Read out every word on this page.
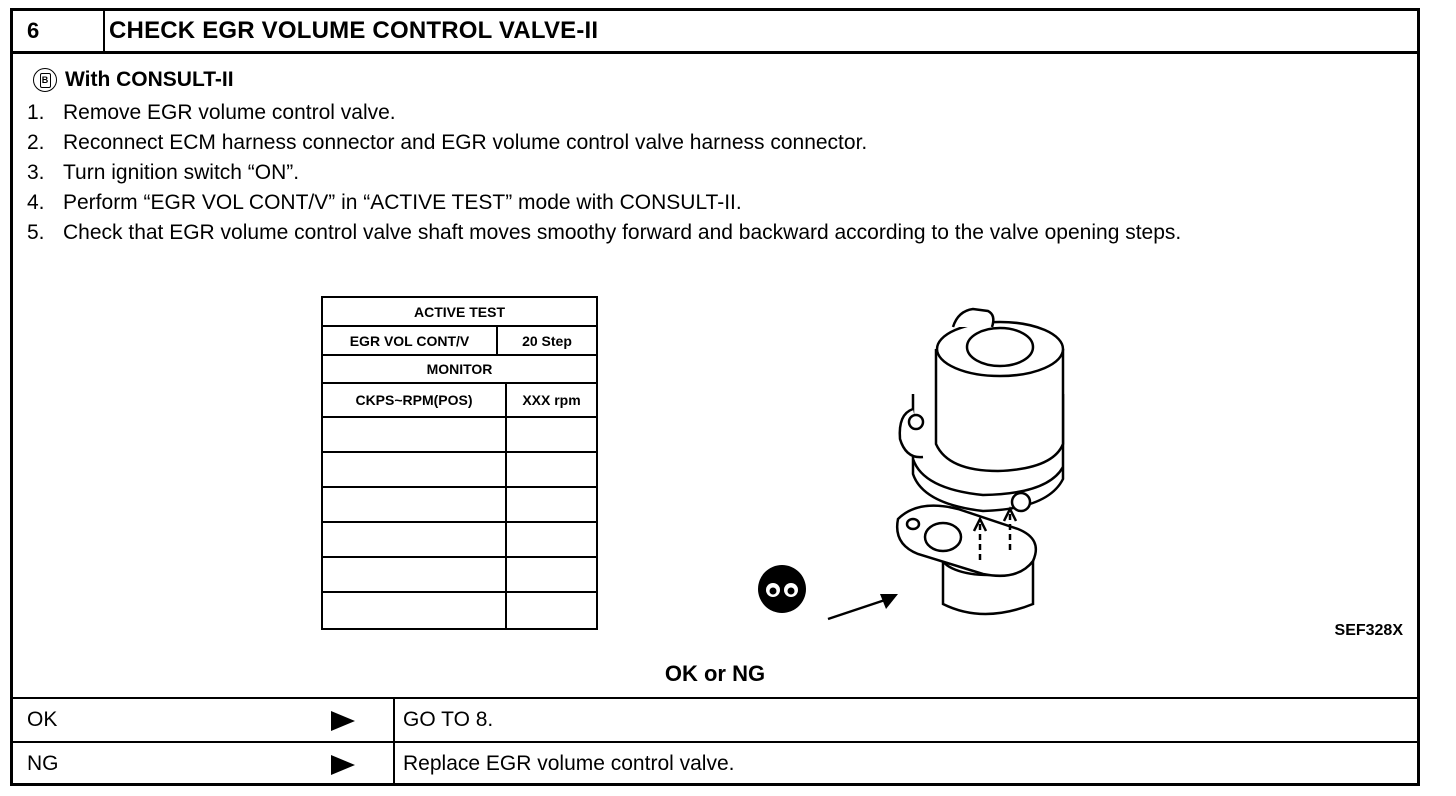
6	CHECK EGR VOLUME CONTROL VALVE-II
B With CONSULT-II
1. Remove EGR volume control valve.
2. Reconnect ECM harness connector and EGR volume control valve harness connector.
3. Turn ignition switch “ON”.
4. Perform “EGR VOL CONT/V” in “ACTIVE TEST” mode with CONSULT-II.
5. Check that EGR volume control valve shaft moves smoothy forward and backward according to the valve opening steps.
ACTIVE TEST
EGR VOL CONT/V	20 Step
MONITOR
CKPS~RPM(POS)	XXX rpm
SEF328X
OK or NG
OK	GO TO 8.
NG	Replace EGR volume control valve.
